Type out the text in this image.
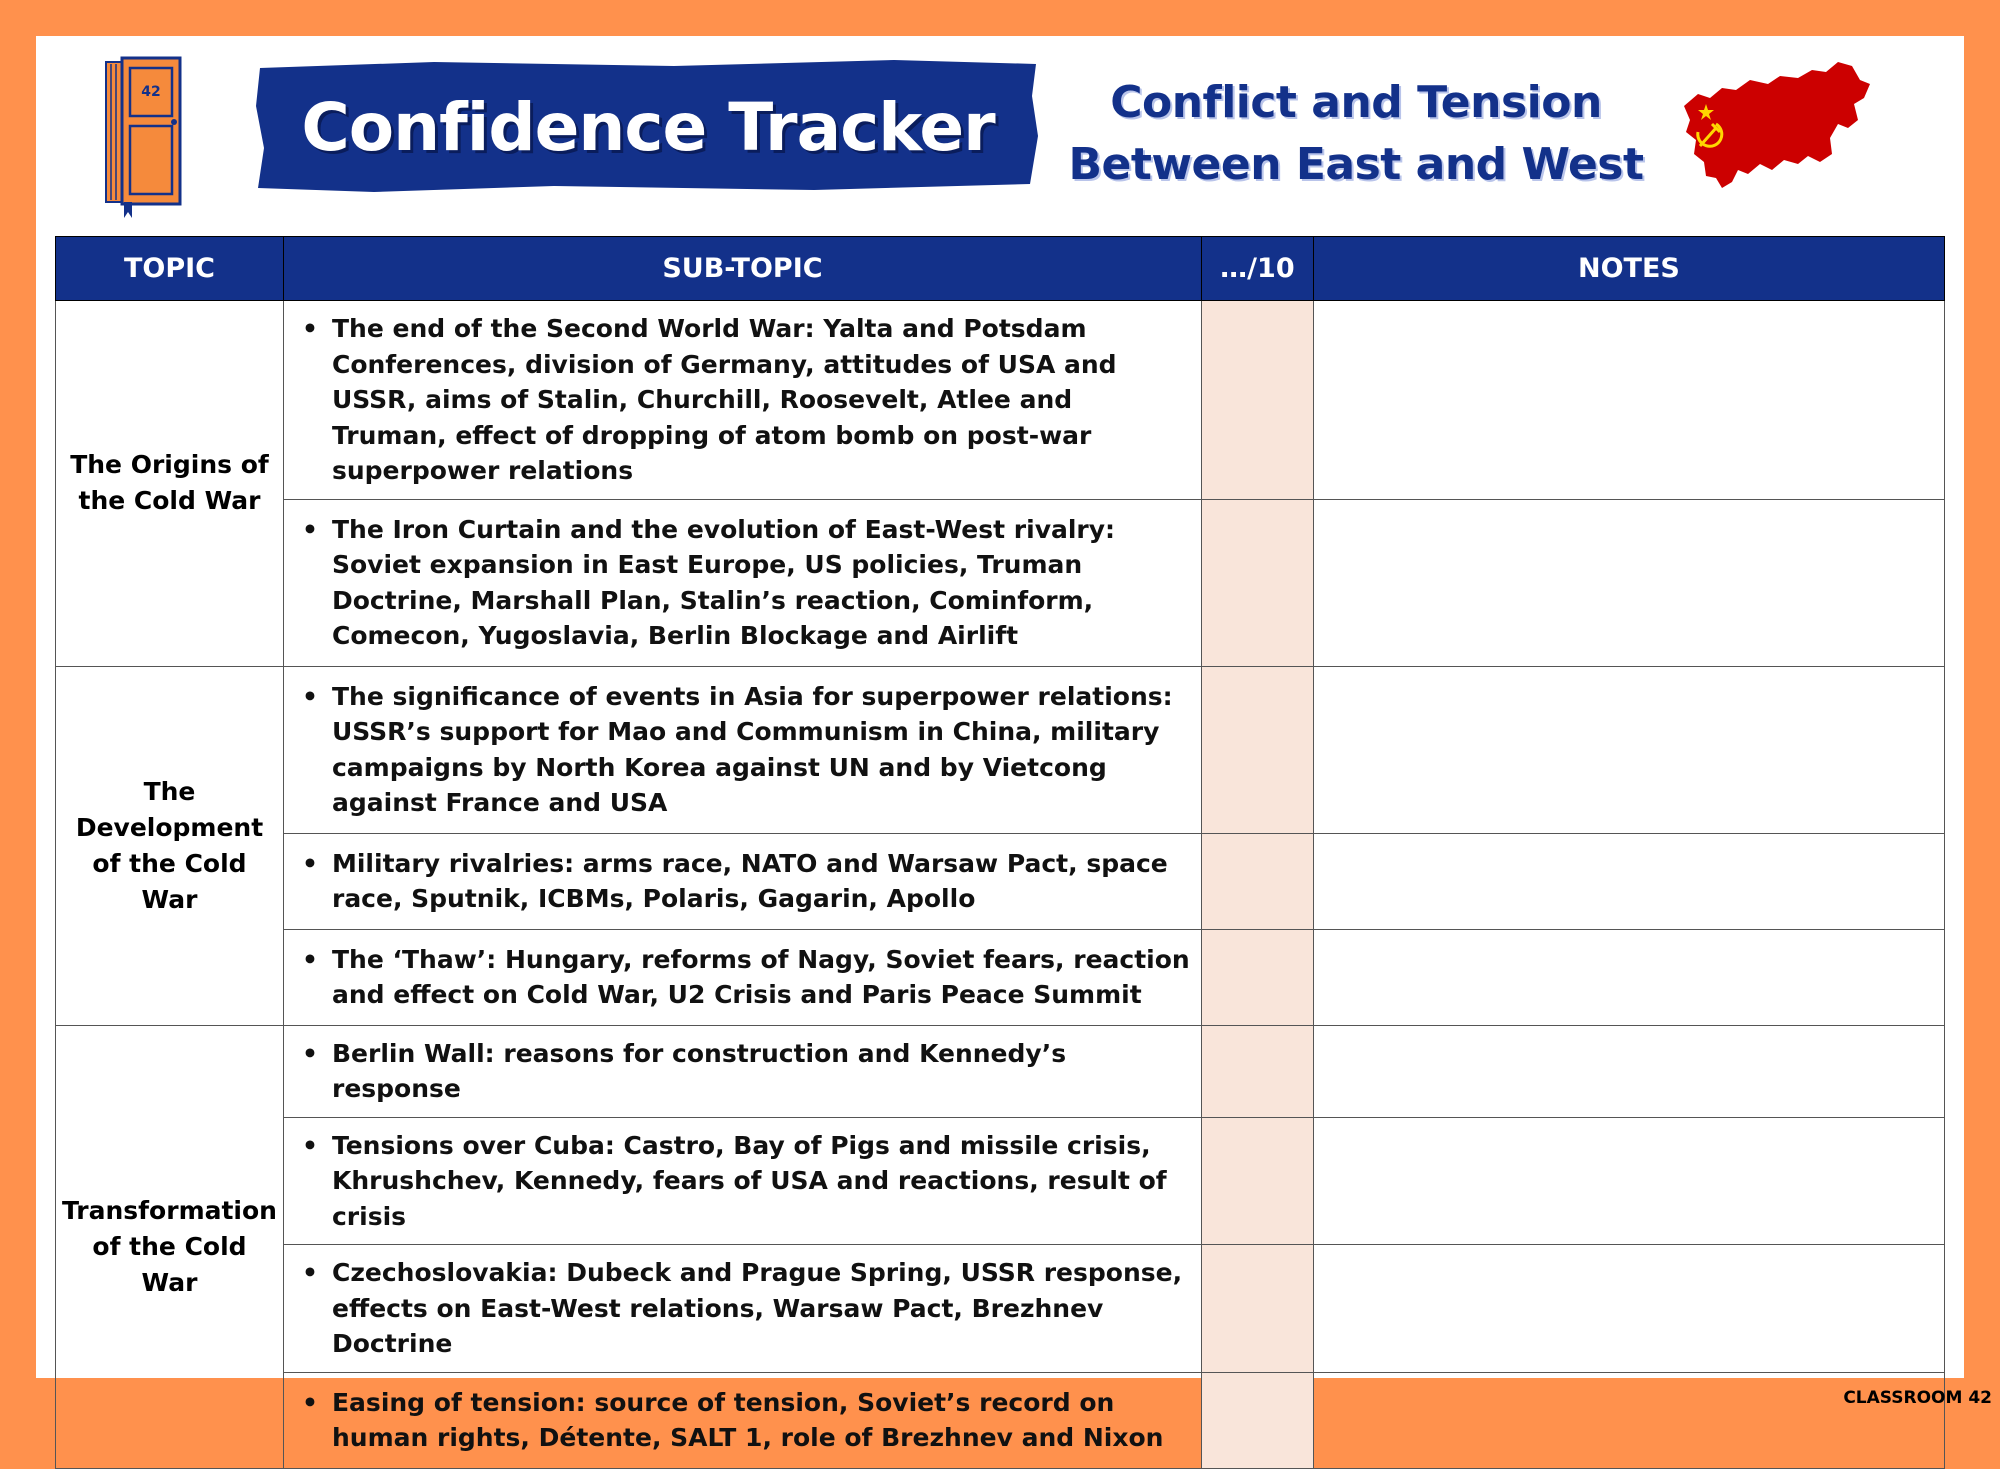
42	Confidence Tracker	Conflict and Tension
Between East and West
TOPIC	SUB-TOPIC	…/10	NOTES
The Origins of the Cold War	• The end of the Second World War: Yalta and Potsdam Conferences, division of Germany, attitudes of USA and USSR, aims of Stalin, Churchill, Roosevelt, Atlee and Truman, effect of dropping of atom bomb on post-war superpower relations		

	• The Iron Curtain and the evolution of East-West rivalry: Soviet expansion in East Europe, US policies, Truman Doctrine, Marshall Plan, Stalin’s reaction, Cominform, Comecon, Yugoslavia, Berlin Blockage and Airlift		

The Development of the Cold War	• The significance of events in Asia for superpower relations: USSR’s support for Mao and Communism in China, military campaigns by North Korea against UN and by Vietcong against France and USA		

	• Military rivalries: arms race, NATO and Warsaw Pact, space race, Sputnik, ICBMs, Polaris, Gagarin, Apollo		

	• The ‘Thaw’: Hungary, reforms of Nagy, Soviet fears, reaction and effect on Cold War, U2 Crisis and Paris Peace Summit		

Transformation of the Cold War	• Berlin Wall: reasons for construction and Kennedy’s response		

	• Tensions over Cuba: Castro, Bay of Pigs and missile crisis, Khrushchev, Kennedy, fears of USA and reactions, result of crisis		

	• Czechoslovakia: Dubeck and Prague Spring, USSR response, effects on East-West relations, Warsaw Pact, Brezhnev Doctrine		

	• Easing of tension: source of tension, Soviet’s record on human rights, Détente, SALT 1, role of Brezhnev and Nixon		

CLASSROOM 42
